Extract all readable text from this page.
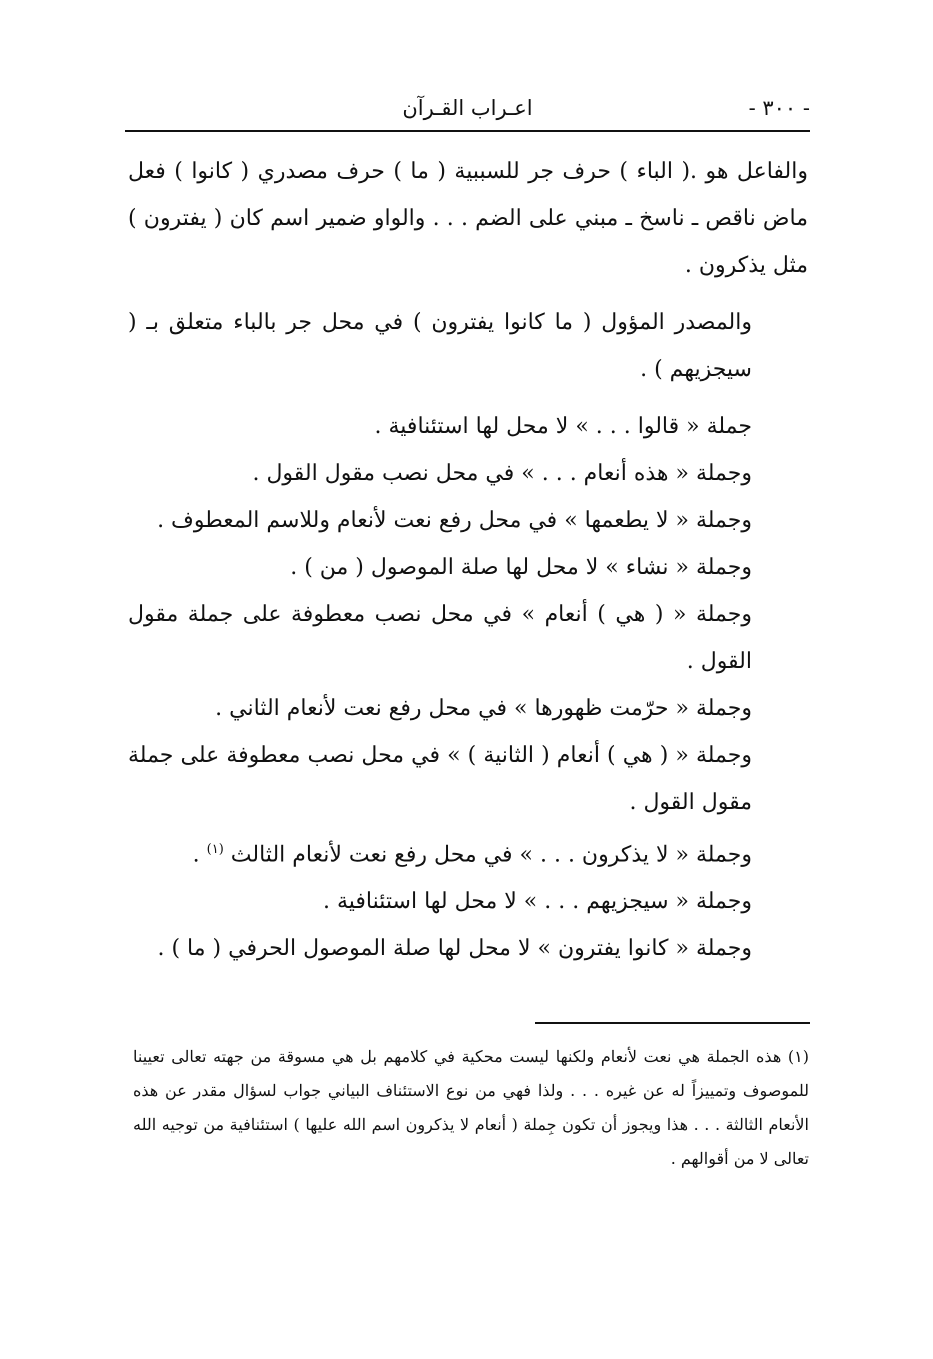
اعـراب القـرآن	- ٣٠٠ -

والفاعل هو .( الباء ) حرف جر للسببية ( ما ) حرف مصدري ( كانوا ) فعل ماض ناقص ـ ناسخ ـ مبني على الضم . . . والواو ضمير اسم كان ( يفترون ) مثل يذكرون .

والمصدر المؤول ( ما كانوا يفترون ) في محل جر بالباء متعلق بـ ( سيجزيهم ) .

جملة « قالوا . . . » لا محل لها استئنافية .

وجملة « هذه أنعام . . . » في محل نصب مقول القول .

وجملة « لا يطعمها » في محل رفع نعت لأنعام وللاسم المعطوف .

وجملة « نشاء » لا محل لها صلة الموصول ( من ) .

وجملة « ( هي ) أنعام » في محل نصب معطوفة على جملة مقول القول .

وجملة « حرّمت ظهورها » في محل رفع نعت لأنعام الثاني .

وجملة « ( هي ) أنعام ( الثانية ) » في محل نصب معطوفة على جملة مقول القول .

وجملة « لا يذكرون . . . » في محل رفع نعت لأنعام الثالث $^{(١)}$ .

وجملة « سيجزيهم . . . » لا محل لها استئنافية .

وجملة « كانوا يفترون » لا محل لها صلة الموصول الحرفي ( ما ) .

(١) هذه الجملة هي نعت لأنعام ولكنها ليست محكية في كلامهم بل هي مسوقة من جهته تعالى تعيينا للموصوف وتمييزاً له عن غيره . . . ولذا فهي من نوع الاستئناف البياني جواب لسؤال مقدر عن هذه الأنعام الثالثة . . . هذا ويجوز أن تكون جِملة ( أنعام لا يذكرون اسم الله عليها ) استئنافية من توجيه الله تعالى لا من أقوالهم .
